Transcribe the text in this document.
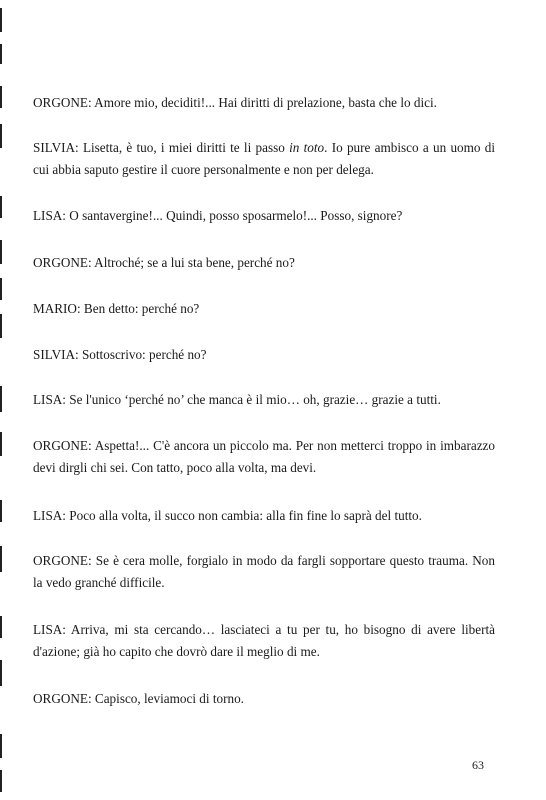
ORGONE: Amore mio, deciditi!... Hai diritti di prelazione, basta che lo dici.

SILVIA: Lisetta, è tuo, i miei diritti te li passo in toto. Io pure ambisco a un uomo di cui abbia saputo gestire il cuore personalmente e non per delega.

LISA: O santavergine!... Quindi, posso sposarmelo!... Posso, signore?

ORGONE: Altroché; se a lui sta bene, perché no?

MARIO: Ben detto: perché no?

SILVIA: Sottoscrivo: perché no?

LISA: Se l'unico ‘perché no’ che manca è il mio… oh, grazie… grazie a tutti.

ORGONE: Aspetta!... C'è ancora un piccolo ma. Per non metterci troppo in imbarazzo devi dirgli chi sei. Con tatto, poco alla volta, ma devi.

LISA: Poco alla volta, il succo non cambia: alla fin fine lo saprà del tutto.

ORGONE: Se è cera molle, forgialo in modo da fargli sopportare questo trauma. Non la vedo granché difficile.

LISA: Arriva, mi sta cercando… lasciateci a tu per tu, ho bisogno di avere libertà d'azione; già ho capito che dovrò dare il meglio di me.

ORGONE: Capisco, leviamoci di torno.

63
